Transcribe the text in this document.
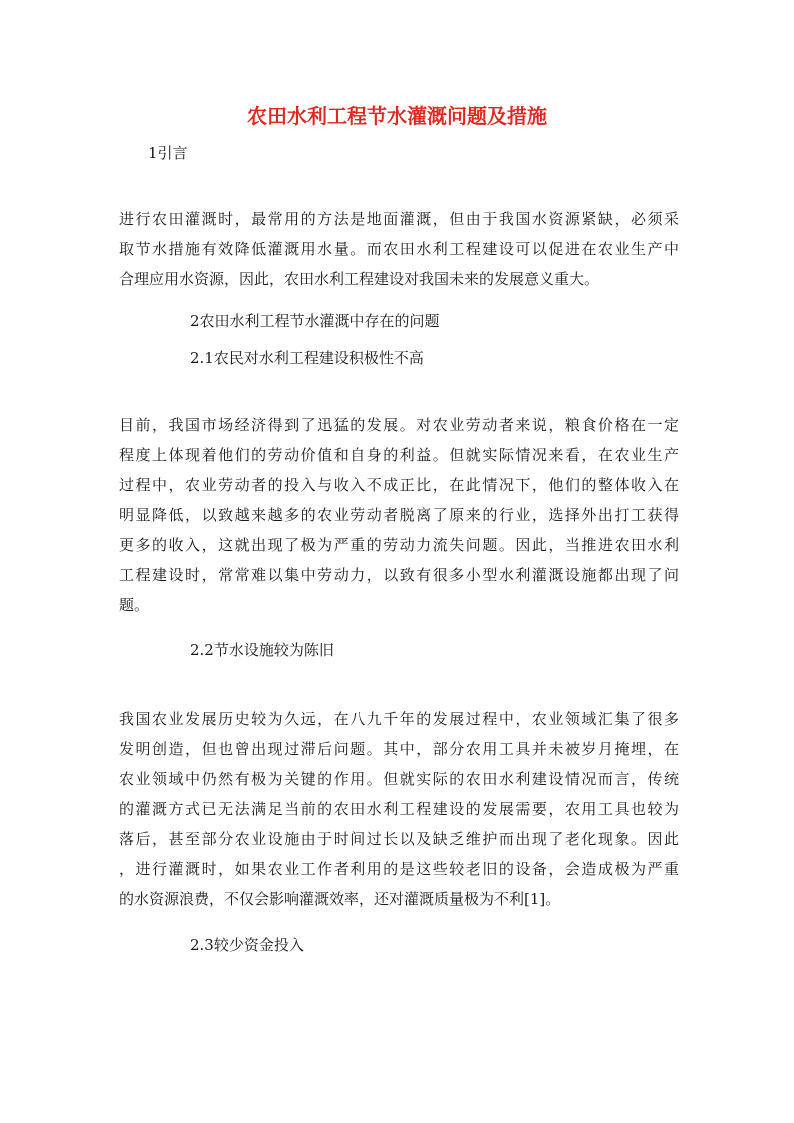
农田水利工程节水灌溉问题及措施
1引言
进行农田灌溉时，最常用的方法是地面灌溉，但由于我国水资源紧缺，必须采
取节水措施有效降低灌溉用水量。而农田水利工程建设可以促进在农业生产中
合理应用水资源，因此，农田水利工程建设对我国未来的发展意义重大。
2农田水利工程节水灌溉中存在的问题
2.1农民对水利工程建设积极性不高
目前，我国市场经济得到了迅猛的发展。对农业劳动者来说，粮食价格在一定
程度上体现着他们的劳动价值和自身的利益。但就实际情况来看，在农业生产
过程中，农业劳动者的投入与收入不成正比，在此情况下，他们的整体收入在
明显降低，以致越来越多的农业劳动者脱离了原来的行业，选择外出打工获得
更多的收入，这就出现了极为严重的劳动力流失问题。因此，当推进农田水利
工程建设时，常常难以集中劳动力，以致有很多小型水利灌溉设施都出现了问
题。
2.2节水设施较为陈旧
我国农业发展历史较为久远，在八九千年的发展过程中，农业领域汇集了很多
发明创造，但也曾出现过滞后问题。其中，部分农用工具并未被岁月掩埋，在
农业领域中仍然有极为关键的作用。但就实际的农田水利建设情况而言，传统
的灌溉方式已无法满足当前的农田水利工程建设的发展需要，农用工具也较为
落后，甚至部分农业设施由于时间过长以及缺乏维护而出现了老化现象。因此
，进行灌溉时，如果农业工作者利用的是这些较老旧的设备，会造成极为严重
的水资源浪费，不仅会影响灌溉效率，还对灌溉质量极为不利[1]。
2.3较少资金投入
